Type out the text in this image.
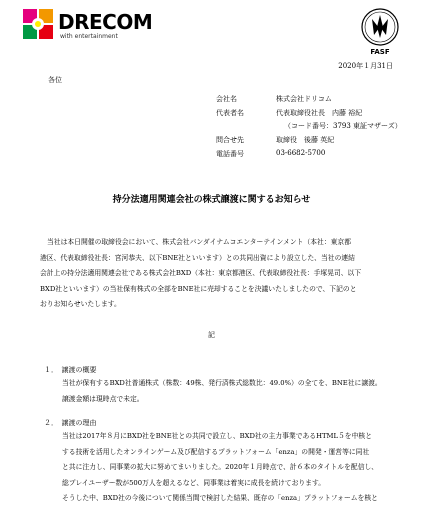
DRECOM
with entertainment
FASF
2020年１月31日
各位
会社名	株式会社ドリコム
代表者名	代表取締役社長　内藤 裕紀
（コード番号：3793 東証マザーズ）
問合せ先	取締役　後藤 英紀
電話番号	03-6682-5700
持分法適用関連会社の株式譲渡に関するお知らせ

当社は本日開催の取締役会において、株式会社バンダイナムコエンターテインメント（本社：東京都

港区、代表取締役社長：宮河恭夫、以下BNE社といいます）との共同出資により設立した、当社の連結

会計上の持分法適用関連会社である株式会社BXD（本社：東京都港区、代表取締役社長：手塚晃司、以下

BXD社といいます）の当社保有株式の全部をBNE社に売却することを決議いたしましたので、下記のと

おりお知らせいたします。

記
１．　譲渡の概要

当社が保有するBXD社普通株式（株数：49株、発行済株式総数比：49.0%）の全てを、BNE社に譲渡。

譲渡金額は現時点で未定。

２．　譲渡の理由

当社は2017年８月にBXD社をBNE社との共同で設立し、BXD社の主力事業であるHTML５を中核と

する技術を活用したオンラインゲーム及び配信するプラットフォーム「enza」の開発・運営等に同社

と共に注力し、同事業の拡大に努めてまいりました。2020年１月時点で、計６本のタイトルを配信し、

総プレイユーザー数が500万人を超えるなど、同事業は着実に成長を続けております。

そうした中、BXD社の今後について関係当間で検討した結果、既存の「enza」プラットフォームを核と
